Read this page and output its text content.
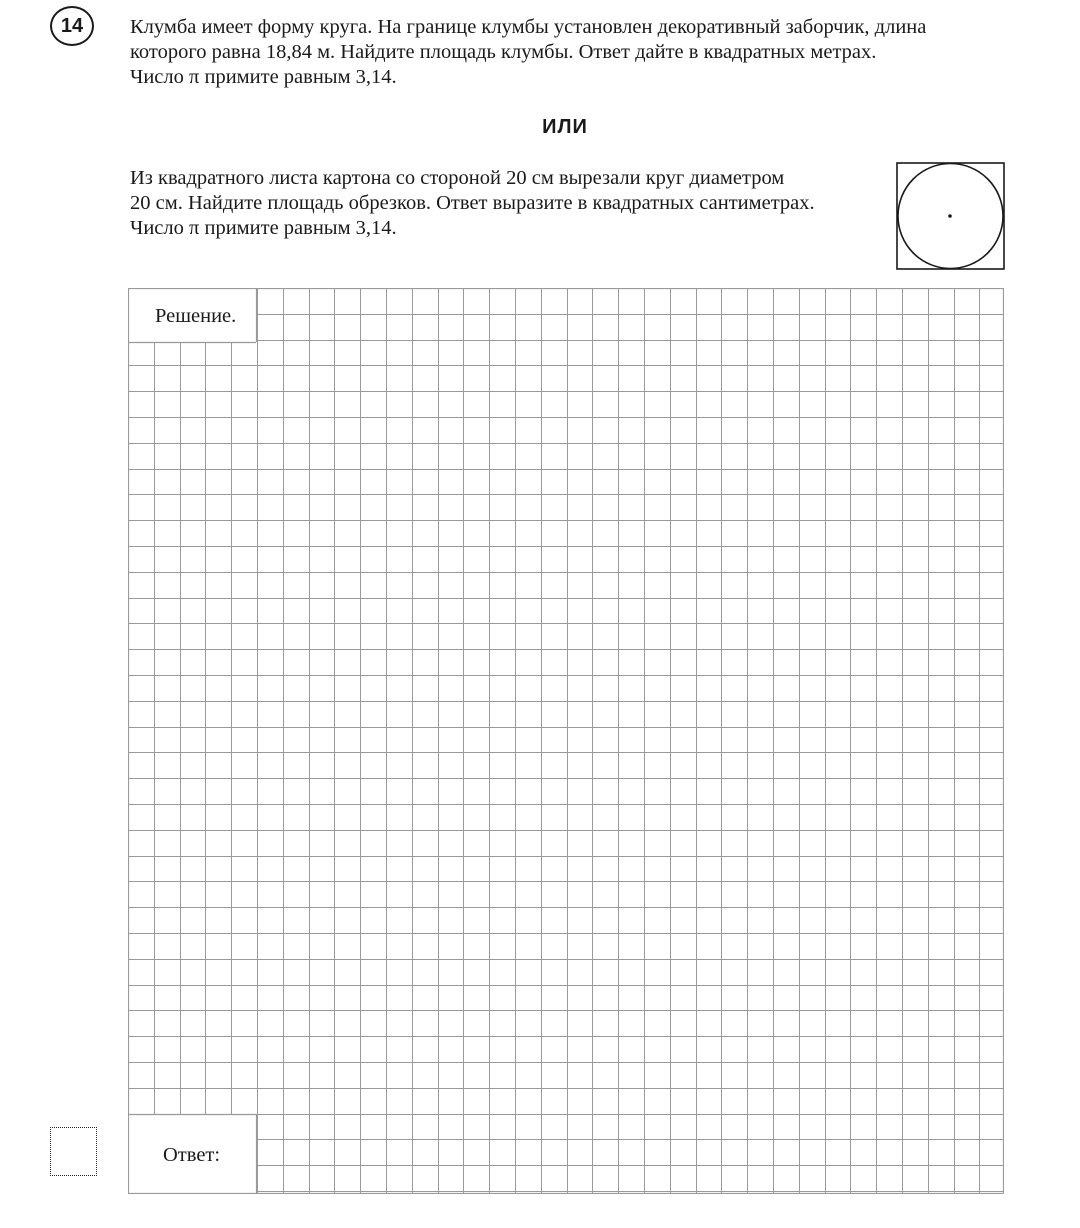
14 Клумба имеет форму круга. На границе клумбы установлен декоративный заборчик, длина
которого равна 18,84 м. Найдите площадь клумбы. Ответ дайте в квадратных метрах.
Число π примите равным 3,14.
ИЛИ
Из квадратного листа картона со стороной 20 см вырезали круг диаметром
20 см. Найдите площадь обрезков. Ответ выразите в квадратных сантиметрах.
Число π примите равным 3,14.
Решение.
Ответ:
